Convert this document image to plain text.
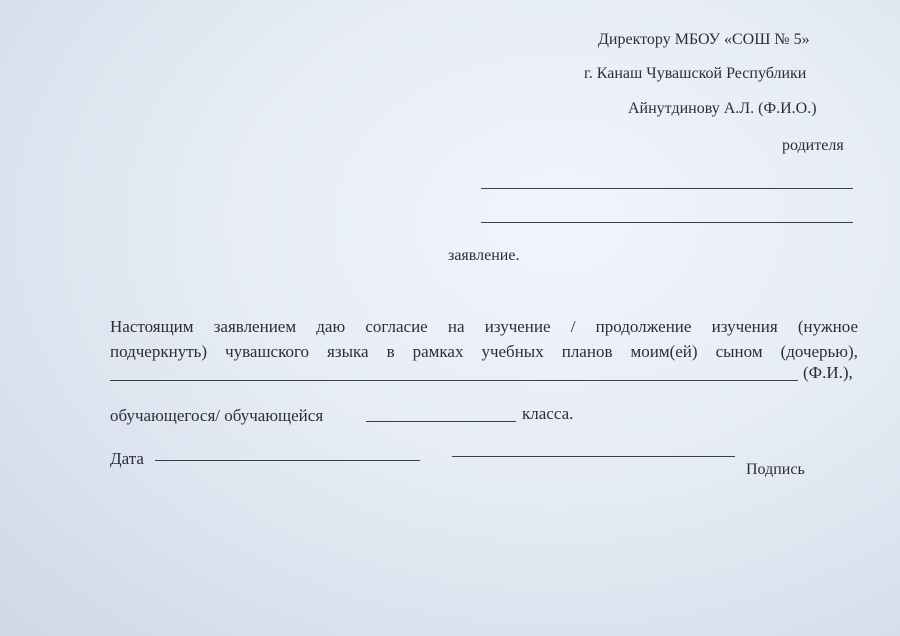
Директору МБОУ «СОШ № 5»
г. Канаш Чувашской Республики
Айнутдинову А.Л. (Ф.И.О.)
родителя
заявление.
Настоящим заявлением даю согласие на изучение / продолжение изучения (нужное
подчеркнуть) чувашского языка в рамках учебных планов моим(ей) сыном (дочерью),
(Ф.И.),
обучающегося/ обучающейся	класса.
Дата
Подпись
